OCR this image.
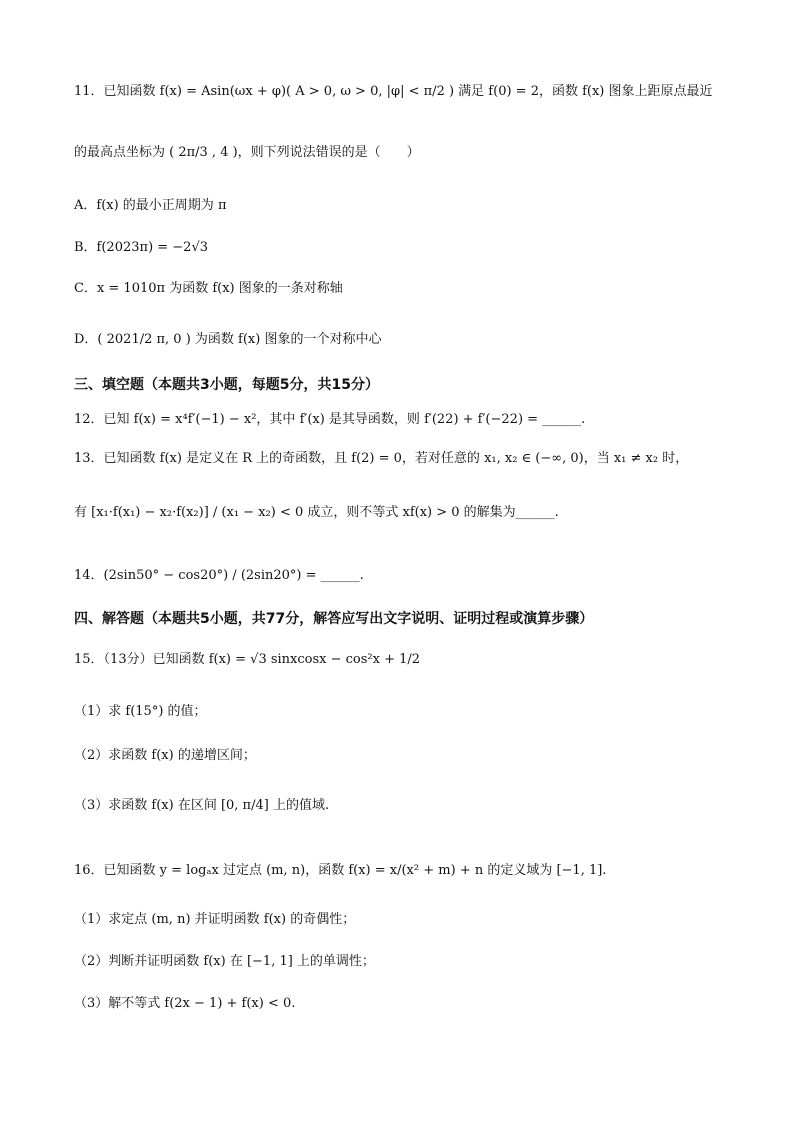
11．已知函数 f(x) = Asin(ωx + φ)( A > 0, ω > 0, |φ| < π/2 ) 满足 f(0) = 2，函数 f(x) 图象上距原点最近
的最高点坐标为 ( 2π/3 , 4 )，则下列说法错误的是（　　）
A．f(x) 的最小正周期为 π
B．f(2023π) = −2√3
C．x = 1010π 为函数 f(x) 图象的一条对称轴
D．( 2021/2 π, 0 ) 为函数 f(x) 图象的一个对称中心
三、填空题（本题共3小题，每题5分，共15分）
12．已知 f(x) = x⁴f′(−1) − x²，其中 f′(x) 是其导函数，则 f′(22) + f′(−22) = ______.
13．已知函数 f(x) 是定义在 R 上的奇函数，且 f(2) = 0，若对任意的 x₁, x₂ ∈ (−∞, 0)，当 x₁ ≠ x₂ 时，
有 [x₁·f(x₁) − x₂·f(x₂)] / (x₁ − x₂) < 0 成立，则不等式 xf(x) > 0 的解集为______.
14．(2sin50° − cos20°) / (2sin20°) = ______.
四、解答题（本题共5小题，共77分，解答应写出文字说明、证明过程或演算步骤）
15．（13分）已知函数 f(x) = √3 sinxcosx − cos²x + 1/2
（1）求 f(15°) 的值；
（2）求函数 f(x) 的递增区间；
（3）求函数 f(x) 在区间 [0, π/4] 上的值域.
16．已知函数 y = logₐx 过定点 (m, n)，函数 f(x) = x/(x² + m) + n 的定义域为 [−1, 1].
（1）求定点 (m, n) 并证明函数 f(x) 的奇偶性；
（2）判断并证明函数 f(x) 在 [−1, 1] 上的单调性；
（3）解不等式 f(2x − 1) + f(x) < 0.
